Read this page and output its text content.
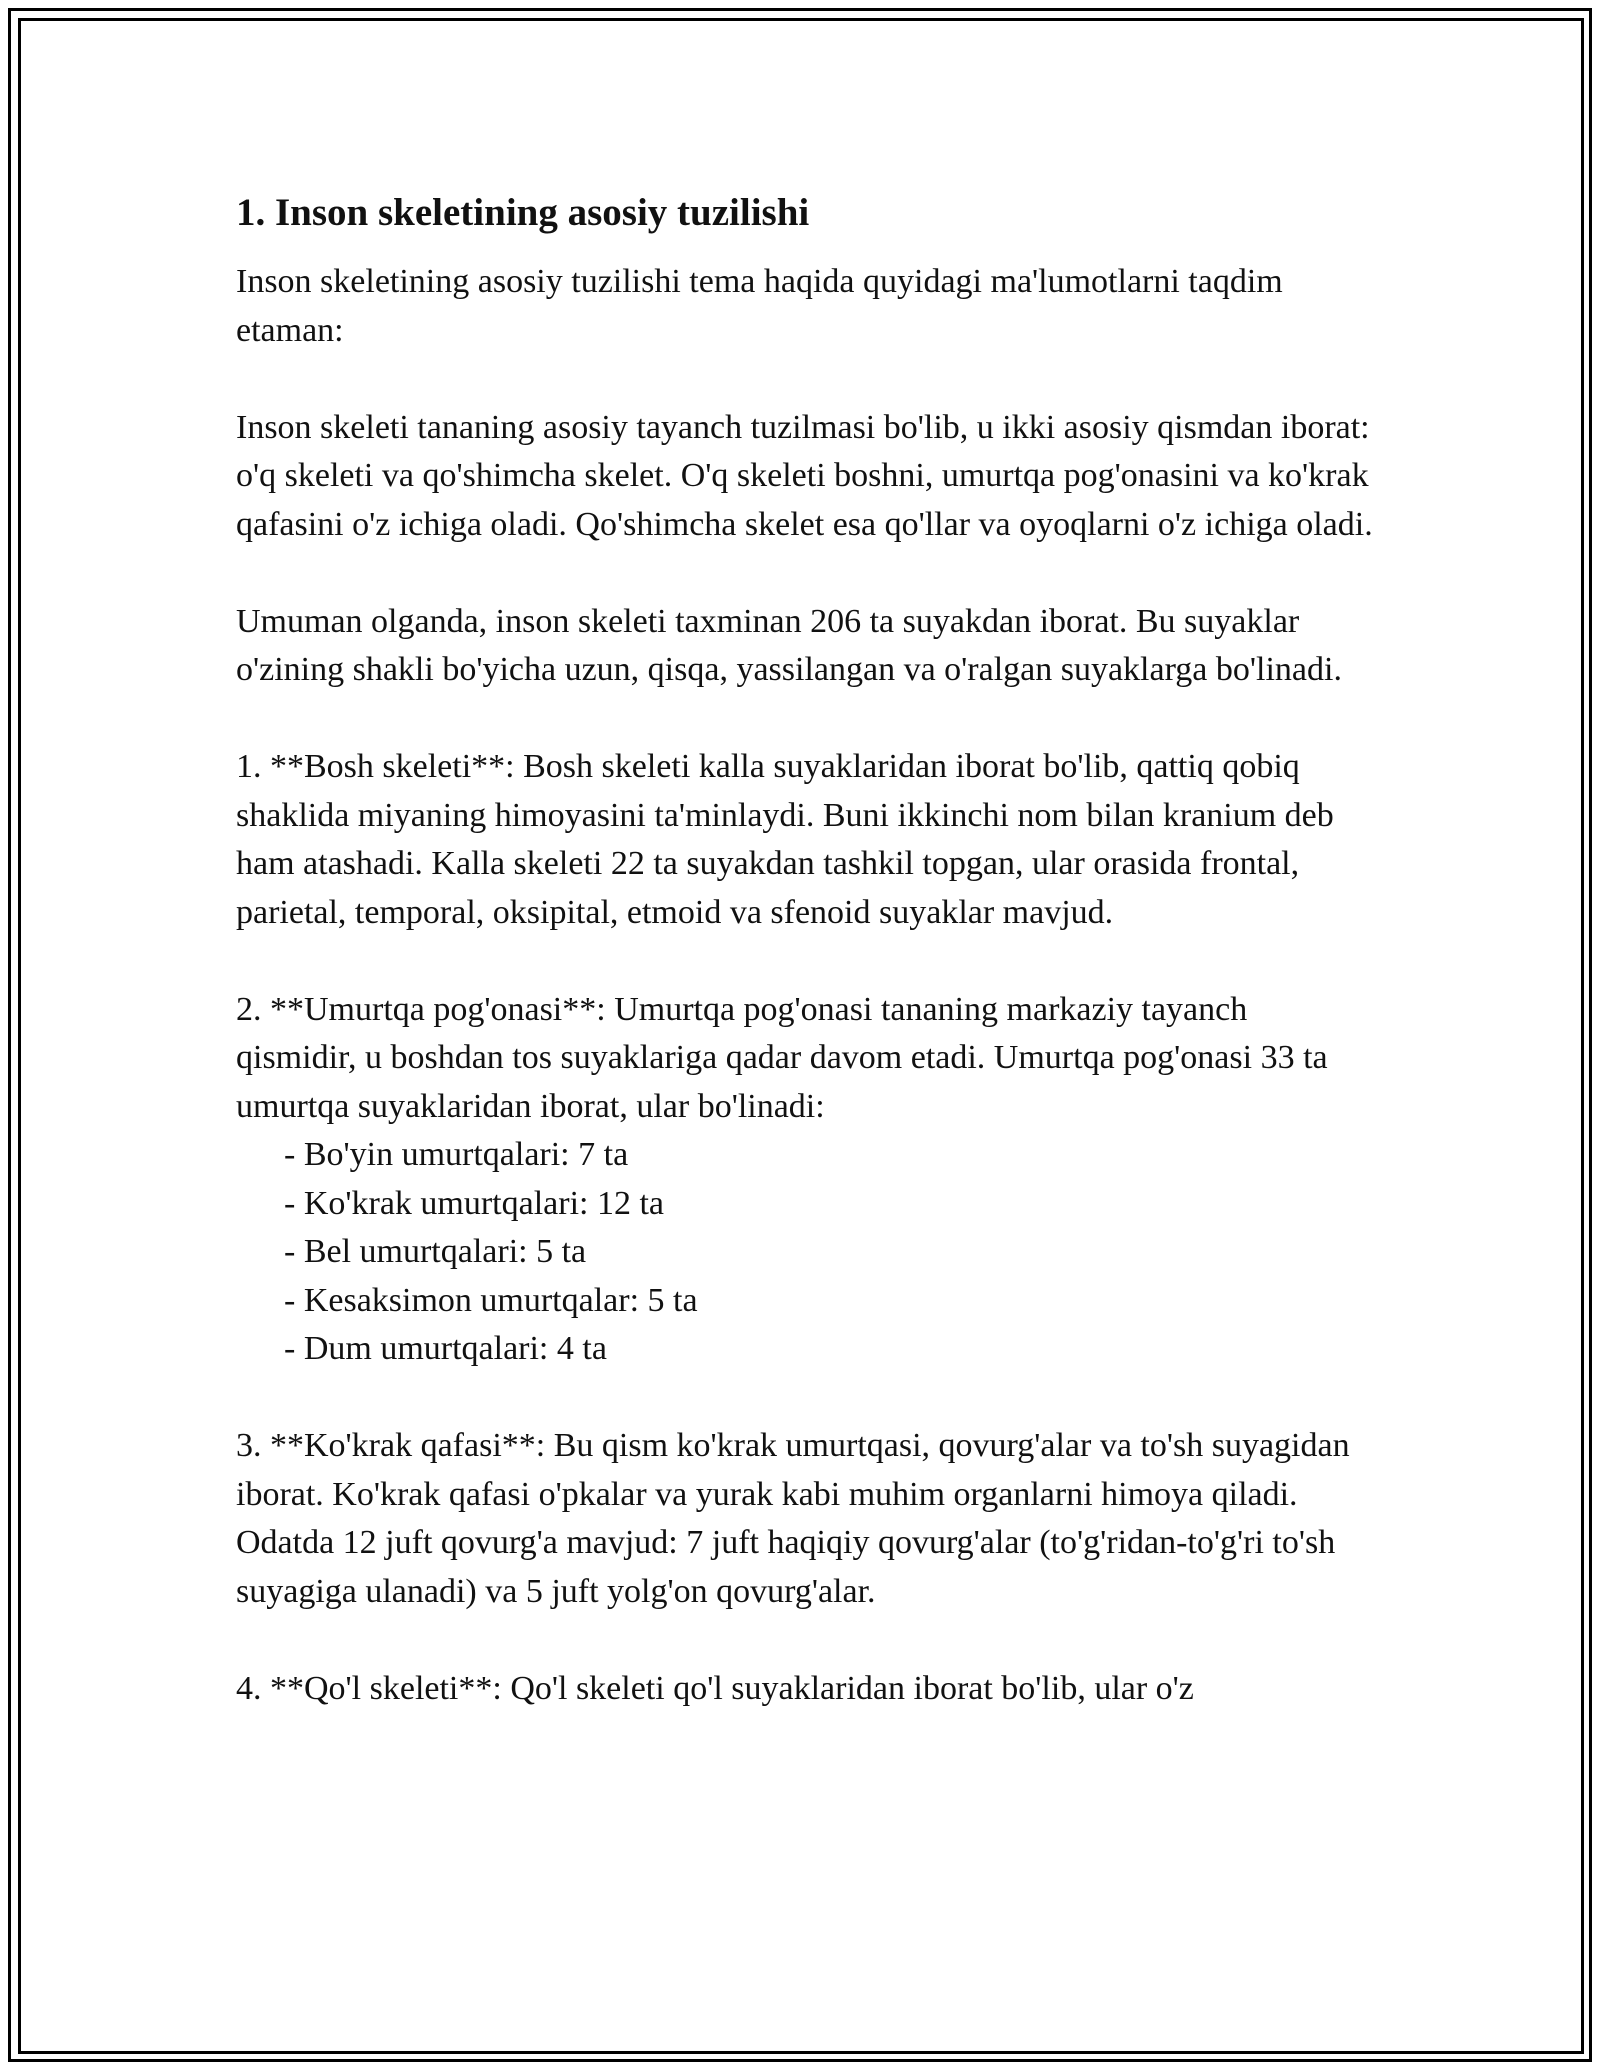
1. Inson skeletining asosiy tuzilishi

Inson skeletining asosiy tuzilishi tema haqida quyidagi ma'lumotlarni taqdim etaman:

Inson skeleti tananing asosiy tayanch tuzilmasi bo'lib, u ikki asosiy qismdan iborat: o'q skeleti va qo'shimcha skelet. O'q skeleti boshni, umurtqa pog'onasini va ko'krak qafasini o'z ichiga oladi. Qo'shimcha skelet esa qo'llar va oyoqlarni o'z ichiga oladi.

Umuman olganda, inson skeleti taxminan 206 ta suyakdan iborat. Bu suyaklar o'zining shakli bo'yicha uzun, qisqa, yassilangan va o'ralgan suyaklarga bo'linadi.

1. **Bosh skeleti**: Bosh skeleti kalla suyaklaridan iborat bo'lib, qattiq qobiq shaklida miyaning himoyasini ta'minlaydi. Buni ikkinchi nom bilan kranium deb ham atashadi. Kalla skeleti 22 ta suyakdan tashkil topgan, ular orasida frontal, parietal, temporal, oksipital, etmoid va sfenoid suyaklar mavjud.

2. **Umurtqa pog'onasi**: Umurtqa pog'onasi tananing markaziy tayanch qismidir, u boshdan tos suyaklariga qadar davom etadi. Umurtqa pog'onasi 33 ta umurtqa suyaklaridan iborat, ular bo'linadi:
- Bo'yin umurtqalari: 7 ta
- Ko'krak umurtqalari: 12 ta
- Bel umurtqalari: 5 ta
- Kesaksimon umurtqalar: 5 ta
- Dum umurtqalari: 4 ta

3. **Ko'krak qafasi**: Bu qism ko'krak umurtqasi, qovurg'alar va to'sh suyagidan iborat. Ko'krak qafasi o'pkalar va yurak kabi muhim organlarni himoya qiladi. Odatda 12 juft qovurg'a mavjud: 7 juft haqiqiy qovurg'alar (to'g'ridan-to'g'ri to'sh suyagiga ulanadi) va 5 juft yolg'on qovurg'alar.

4. **Qo'l skeleti**: Qo'l skeleti qo'l suyaklaridan iborat bo'lib, ular o'z
